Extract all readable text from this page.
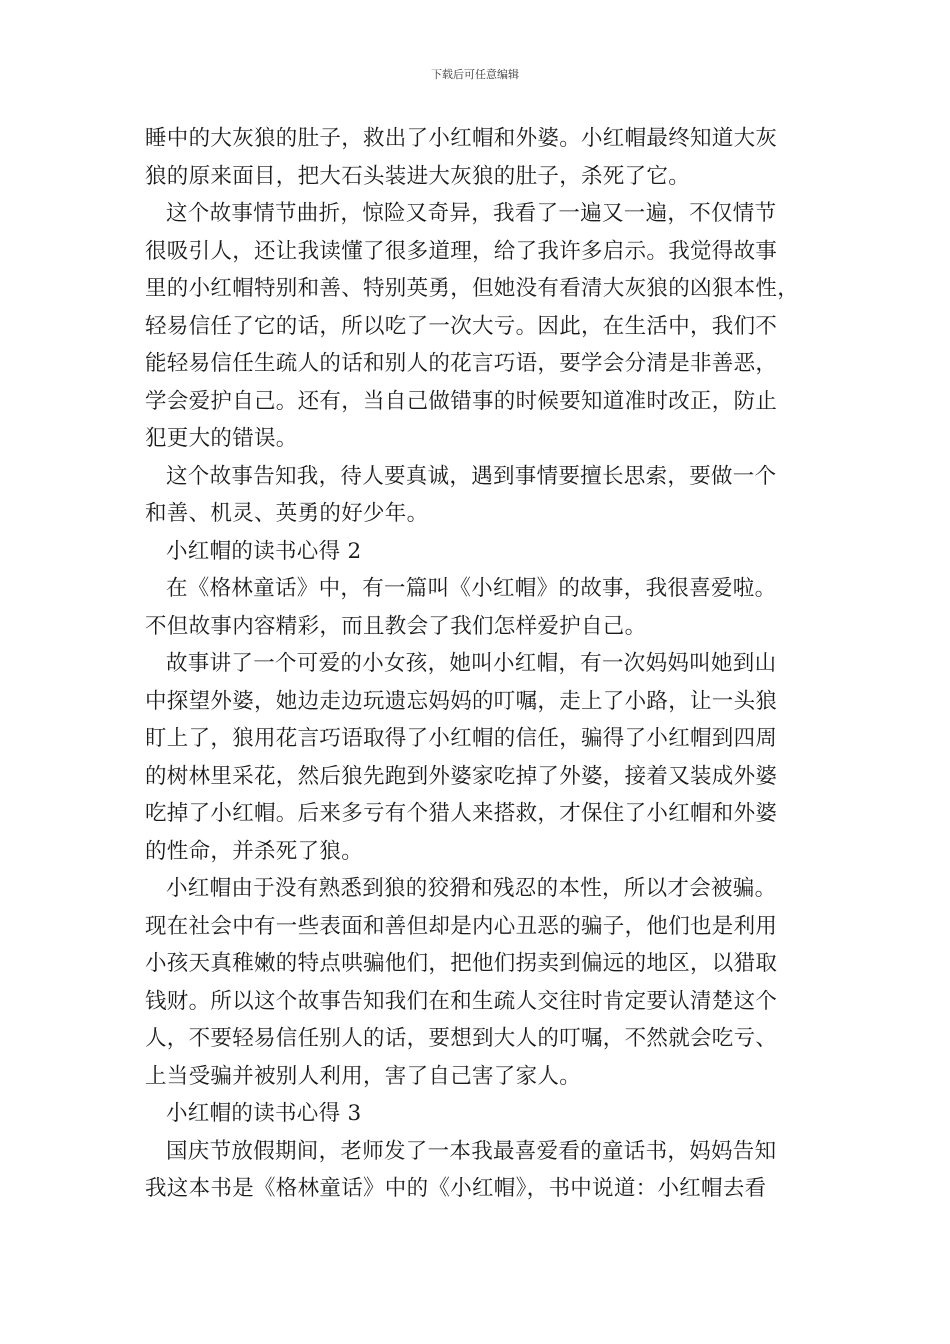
下载后可任意编辑
睡中的大灰狼的肚子，救出了小红帽和外婆。小红帽最终知道大灰
狼的原来面目，把大石头装进大灰狼的肚子，杀死了它。
这个故事情节曲折，惊险又奇异，我看了一遍又一遍，不仅情节
很吸引人，还让我读懂了很多道理，给了我许多启示。我觉得故事
里的小红帽特别和善、特别英勇，但她没有看清大灰狼的凶狠本性，
轻易信任了它的话，所以吃了一次大亏。因此，在生活中，我们不
能轻易信任生疏人的话和别人的花言巧语，要学会分清是非善恶，
学会爱护自己。还有，当自己做错事的时候要知道准时改正，防止
犯更大的错误。
这个故事告知我，待人要真诚，遇到事情要擅长思索，要做一个
和善、机灵、英勇的好少年。
小红帽的读书心得 2
在《格林童话》中，有一篇叫《小红帽》的故事，我很喜爱啦。
不但故事内容精彩，而且教会了我们怎样爱护自己。
故事讲了一个可爱的小女孩，她叫小红帽，有一次妈妈叫她到山
中探望外婆，她边走边玩遗忘妈妈的叮嘱，走上了小路，让一头狼
盯上了，狼用花言巧语取得了小红帽的信任，骗得了小红帽到四周
的树林里采花，然后狼先跑到外婆家吃掉了外婆，接着又装成外婆
吃掉了小红帽。后来多亏有个猎人来搭救，才保住了小红帽和外婆
的性命，并杀死了狼。
小红帽由于没有熟悉到狼的狡猾和残忍的本性，所以才会被骗。
现在社会中有一些表面和善但却是内心丑恶的骗子，他们也是利用
小孩天真稚嫩的特点哄骗他们，把他们拐卖到偏远的地区，以猎取
钱财。所以这个故事告知我们在和生疏人交往时肯定要认清楚这个
人，不要轻易信任别人的话，要想到大人的叮嘱，不然就会吃亏、
上当受骗并被别人利用，害了自己害了家人。
小红帽的读书心得 3
国庆节放假期间，老师发了一本我最喜爱看的童话书，妈妈告知
我这本书是《格林童话》中的《小红帽》，书中说道：小红帽去看
